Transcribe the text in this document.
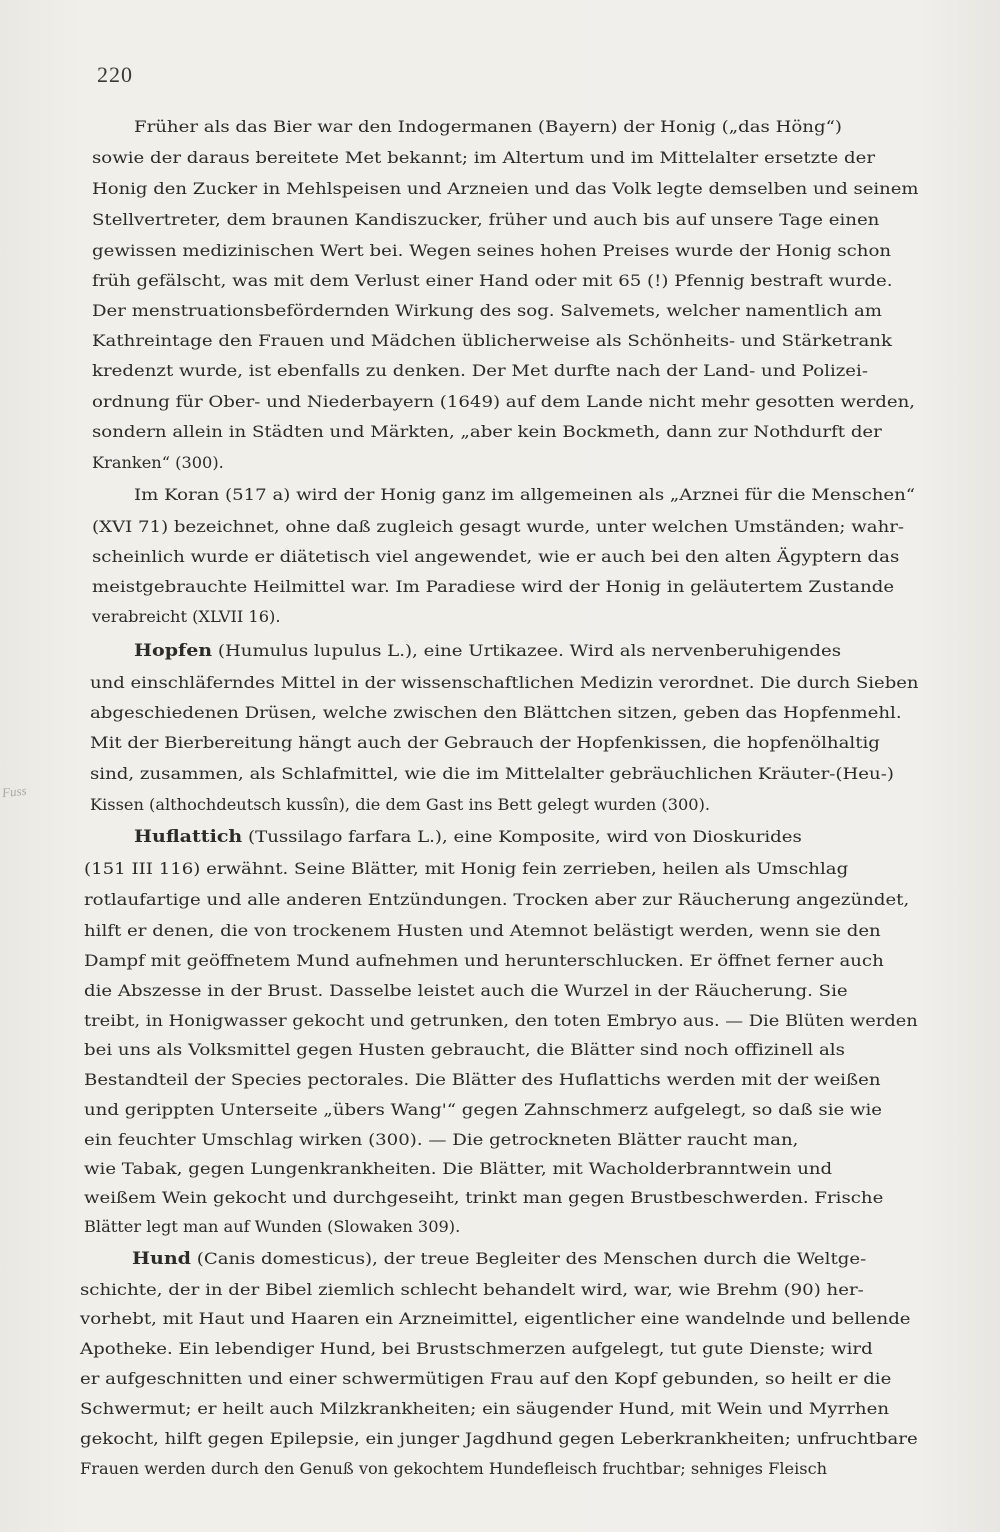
220
Fuss
Früher als das Bier war den Indogermanen (Bayern) der Honig („das Höng“)
sowie der daraus bereitete Met bekannt; im Altertum und im Mittelalter ersetzte der
Honig den Zucker in Mehlspeisen und Arzneien und das Volk legte demselben und seinem
Stellvertreter, dem braunen Kandiszucker, früher und auch bis auf unsere Tage einen
gewissen medizinischen Wert bei. Wegen seines hohen Preises wurde der Honig schon
früh gefälscht, was mit dem Verlust einer Hand oder mit 65 (!) Pfennig bestraft wurde.
Der menstruationsbefördernden Wirkung des sog. Salvemets, welcher namentlich am
Kathreintage den Frauen und Mädchen üblicherweise als Schönheits- und Stärketrank
kredenzt wurde, ist ebenfalls zu denken. Der Met durfte nach der Land- und Polizei-
ordnung für Ober- und Niederbayern (1649) auf dem Lande nicht mehr gesotten werden,
sondern allein in Städten und Märkten, „aber kein Bockmeth, dann zur Nothdurft der
Kranken“ (300).
Im Koran (517 a) wird der Honig ganz im allgemeinen als „Arznei für die Menschen“
(XVI 71) bezeichnet, ohne daß zugleich gesagt wurde, unter welchen Umständen; wahr-
scheinlich wurde er diätetisch viel angewendet, wie er auch bei den alten Ägyptern das
meistgebrauchte Heilmittel war. Im Paradiese wird der Honig in geläutertem Zustande
verabreicht (XLVII 16).
Hopfen (Humulus lupulus L.), eine Urtikazee. Wird als nervenberuhigendes
und einschläferndes Mittel in der wissenschaftlichen Medizin verordnet. Die durch Sieben
abgeschiedenen Drüsen, welche zwischen den Blättchen sitzen, geben das Hopfenmehl.
Mit der Bierbereitung hängt auch der Gebrauch der Hopfenkissen, die hopfenölhaltig
sind, zusammen, als Schlafmittel, wie die im Mittelalter gebräuchlichen Kräuter-(Heu-)
Kissen (althochdeutsch kussîn), die dem Gast ins Bett gelegt wurden (300).
Huflattich (Tussilago farfara L.), eine Komposite, wird von Dioskurides
(151 III 116) erwähnt. Seine Blätter, mit Honig fein zerrieben, heilen als Umschlag
rotlaufartige und alle anderen Entzündungen. Trocken aber zur Räucherung angezündet,
hilft er denen, die von trockenem Husten und Atemnot belästigt werden, wenn sie den
Dampf mit geöffnetem Mund aufnehmen und herunterschlucken. Er öffnet ferner auch
die Abszesse in der Brust. Dasselbe leistet auch die Wurzel in der Räucherung. Sie
treibt, in Honigwasser gekocht und getrunken, den toten Embryo aus. — Die Blüten werden
bei uns als Volksmittel gegen Husten gebraucht, die Blätter sind noch offizinell als
Bestandteil der Species pectorales. Die Blätter des Huflattichs werden mit der weißen
und gerippten Unterseite „übers Wang'“ gegen Zahnschmerz aufgelegt, so daß sie wie
ein feuchter Umschlag wirken (300). — Die getrockneten Blätter raucht man,
wie Tabak, gegen Lungenkrankheiten. Die Blätter, mit Wacholderbranntwein und
weißem Wein gekocht und durchgeseiht, trinkt man gegen Brustbeschwerden. Frische
Blätter legt man auf Wunden (Slowaken 309).
Hund (Canis domesticus), der treue Begleiter des Menschen durch die Weltge-
schichte, der in der Bibel ziemlich schlecht behandelt wird, war, wie Brehm (90) her-
vorhebt, mit Haut und Haaren ein Arzneimittel, eigentlicher eine wandelnde und bellende
Apotheke. Ein lebendiger Hund, bei Brustschmerzen aufgelegt, tut gute Dienste; wird
er aufgeschnitten und einer schwermütigen Frau auf den Kopf gebunden, so heilt er die
Schwermut; er heilt auch Milzkrankheiten; ein säugender Hund, mit Wein und Myrrhen
gekocht, hilft gegen Epilepsie, ein junger Jagdhund gegen Leberkrankheiten; unfruchtbare
Frauen werden durch den Genuß von gekochtem Hundefleisch fruchtbar; sehniges Fleisch
